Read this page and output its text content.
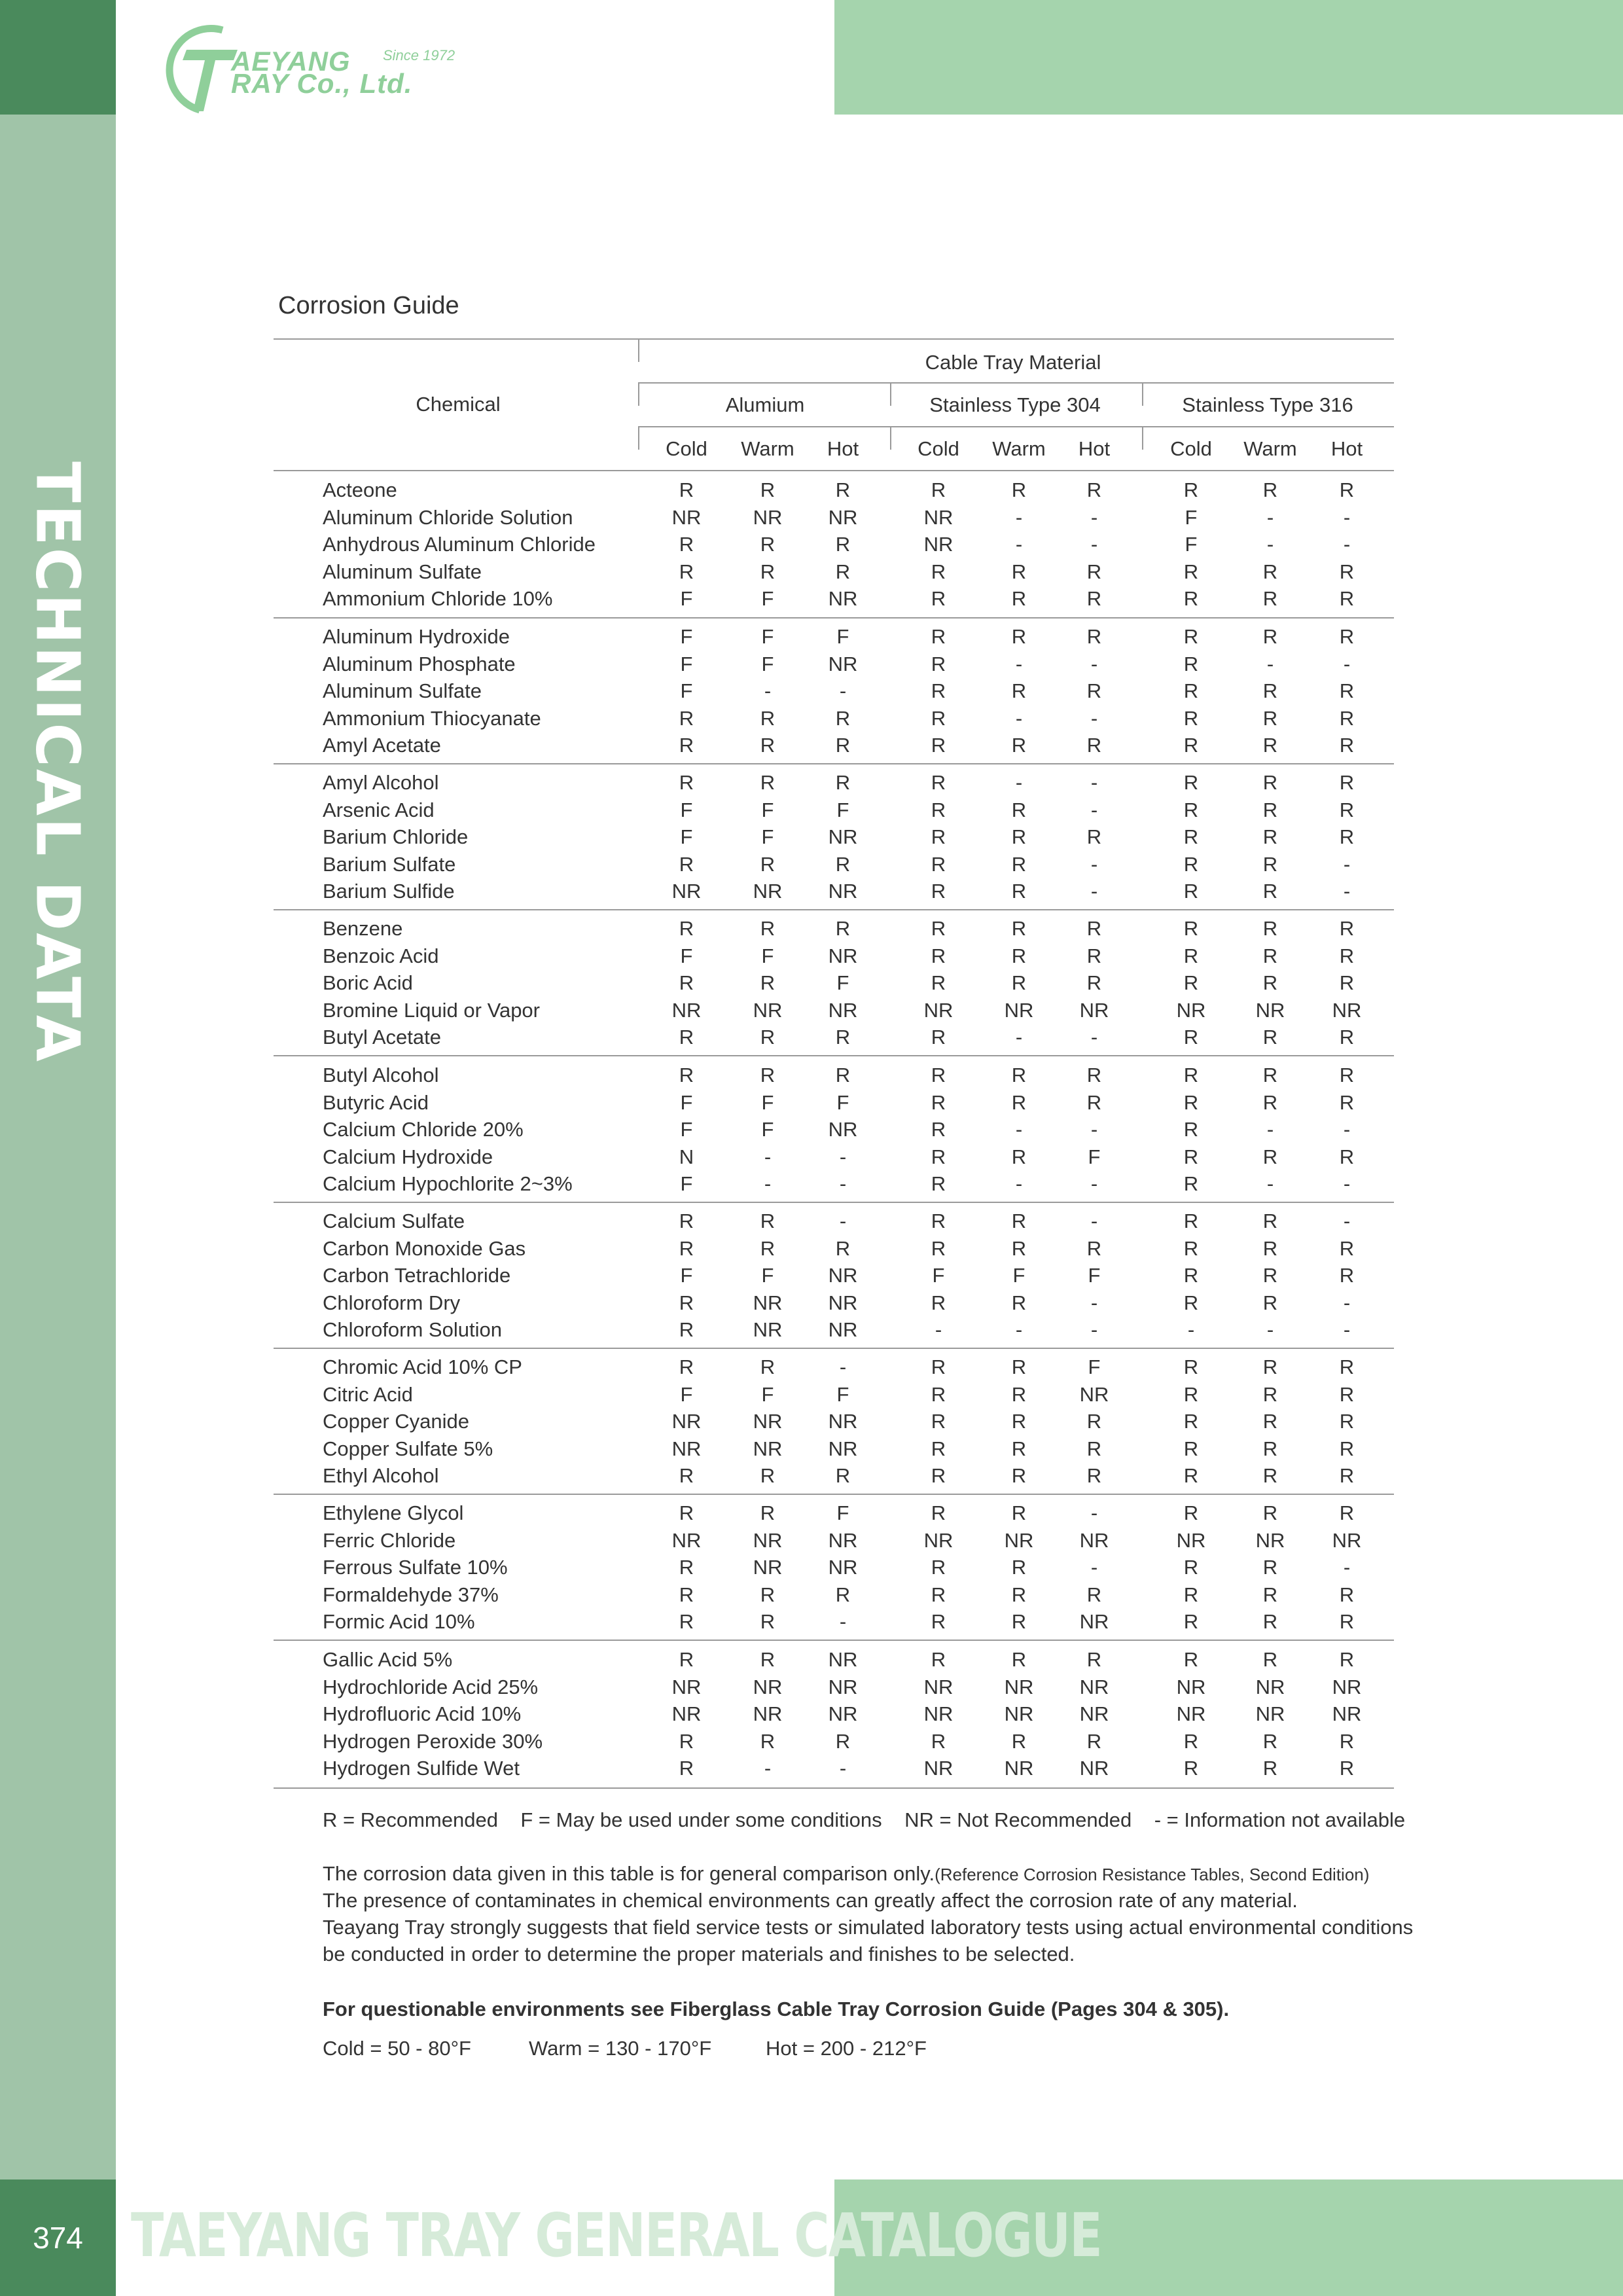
TECHNICAL DATA
374 TAEYANG TRAY GENERAL CATALOGUE
AEYANG
RAY Co., Ltd.
Since 1972
Corrosion Guide
Chemical
Cable Tray Material
Alumium
Cold Warm Hot
Stainless Type 304
Cold Warm Hot
Stainless Type 316
Cold Warm Hot
Acteone	R	R	R	R	R	R	R	R	R
Aluminum Chloride Solution	NR	NR NR	NR	-	-	F	-	-
Anhydrous Aluminum Chloride	R	R	R	NR	-	-	F	-	-
Aluminum Sulfate	R	R	R	R	R	R	R	R	R
Ammonium Chloride 10%	F	F	NR	R	R	R	R	R	R
Aluminum Hydroxide	F	F	F	R	R	R	R	R	R
Aluminum Phosphate	F	F	NR	R	-	-	R	-	-
Aluminum Sulfate	F	-	-	R	R	R	R	R	R
Ammonium Thiocyanate	R	R	R	R	-	-	R	R	R
Amyl Acetate	R	R	R	R	R	R	R	R	R
Amyl Alcohol	R	R	R	R	-	-	R	R	R
Arsenic Acid	F	F	F	R	R	-	R	R	R
Barium Chloride	F	F	NR	R	R	R	R	R	R
Barium Sulfate	R	R	R	R	R	-	R	R	-
Barium Sulfide	NR	NR NR	R	R	-	R	R	-
Benzene	R	R	R	R	R	R	R	R	R
Benzoic Acid	F	F	NR	R	R	R	R	R	R
Boric Acid	R	R	F	R	R	R	R	R	R
Bromine Liquid or Vapor	NR	NR NR	NR	NR NR	NR NR NR
Butyl Acetate	R	R	R	R	-	-	R	R	R
Butyl Alcohol	R	R	R	R	R	R	R	R	R
Butyric Acid	F	F	F	R	R	R	R	R	R
Calcium Chloride 20%	F	F	NR	R	-	-	R	-	-
Calcium Hydroxide	N	-	-	R	R	F	R	R	R
Calcium Hypochlorite 2~3%	F	-	-	R	-	-	R	-	-
Calcium Sulfate	R	R	-	R	R	-	R	R	-
Carbon Monoxide Gas	R	R	R	R	R	R	R	R	R
Carbon Tetrachloride	F	F	NR	F	F	F	R	R	R
Chloroform Dry	R	NR NR	R	R	-	R	R	-
Chloroform Solution	R	NR NR	-	-	-	-	-	-
Chromic Acid 10% CP	R	R	-	R	R	F	R	R	R
Citric Acid	F	F	F	R	R	NR	R	R	R
Copper Cyanide	NR	NR NR	R	R	R	R	R	R
Copper Sulfate 5%	NR	NR NR	R	R	R	R	R	R
Ethyl Alcohol	R	R	R	R	R	R	R	R	R
Ethylene Glycol	R	R	F	R	R	-	R	R	R
Ferric Chloride	NR	NR NR	NR	NR NR	NR NR NR
Ferrous Sulfate 10%	R	NR NR	R	R	-	R	R	-
Formaldehyde 37%	R	R	R	R	R	R	R	R	R
Formic Acid 10%	R	R	-	R	R	NR	R	R	R
Gallic Acid 5%	R	R	NR	R	R	R	R	R	R
Hydrochloride Acid 25%	NR	NR NR	NR	NR NR	NR NR NR
Hydrofluoric Acid 10%	NR	NR NR	NR	NR NR	NR NR NR
Hydrogen Peroxide 30%	R	R	R	R	R	R	R	R	R
Hydrogen Sulfide Wet	R	-	-	NR	NR NR	R	R	R
R = Recommended    F = May be used under some conditions    NR = Not Recommended    - = Information not available
The corrosion data given in this table is for general comparison only.(Reference Corrosion Resistance Tables, Second Edition)
The presence of contaminates in chemical environments can greatly affect the corrosion rate of any material.
Teayang Tray strongly suggests that field service tests or simulated laboratory tests using actual environmental conditions
be conducted in order to determine the proper materials and finishes to be selected.
For questionable environments see Fiberglass Cable Tray Corrosion Guide (Pages 304 & 305).
Cold = 50 - 80°F	Warm = 130 - 170°F	Hot = 200 - 212°F
